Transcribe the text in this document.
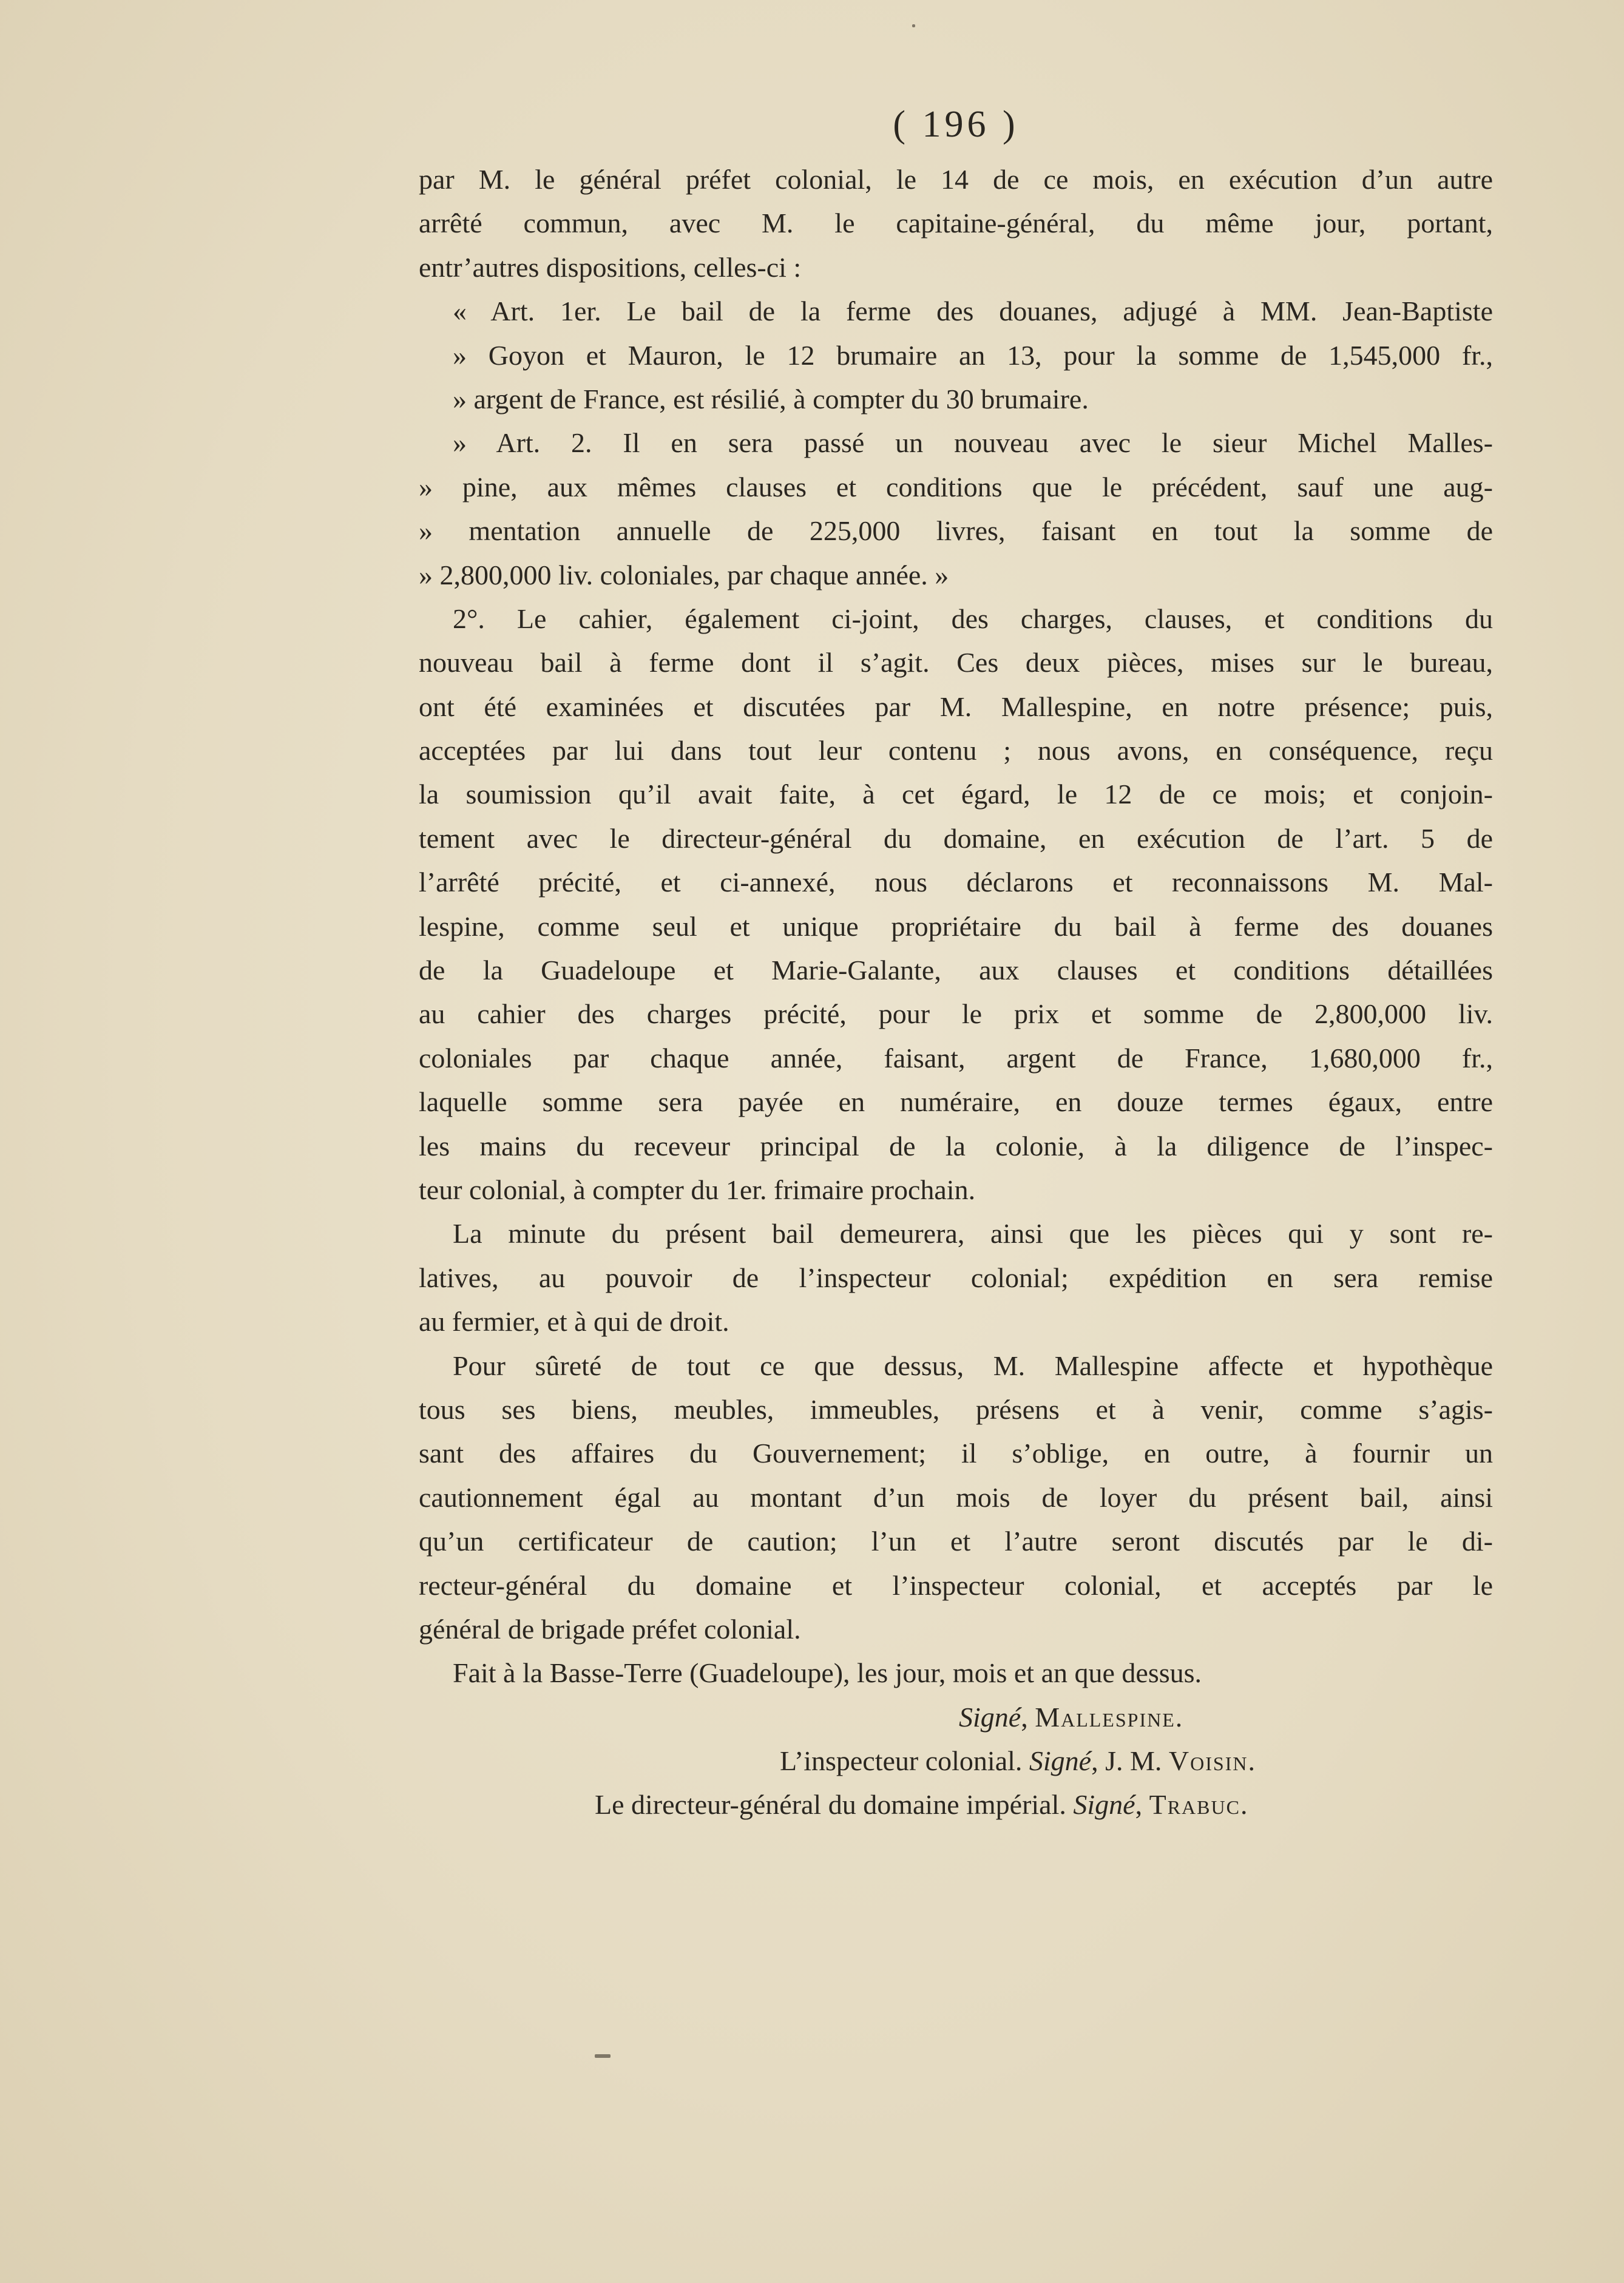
( 196 )
par M. le général préfet colonial, le 14 de ce mois, en exécution d’un autre
arrêté commun, avec M. le capitaine-général, du même jour, portant,
entr’autres dispositions, celles-ci :
« Art. 1er. Le bail de la ferme des douanes, adjugé à MM. Jean-Baptiste
» Goyon et Mauron, le 12 brumaire an 13, pour la somme de 1,545,000 fr.,
» argent de France, est résilié, à compter du 30 brumaire.
» Art. 2. Il en sera passé un nouveau avec le sieur Michel Malles-
» pine, aux mêmes clauses et conditions que le précédent, sauf une aug-
» mentation annuelle de 225,000 livres, faisant en tout la somme de
» 2,800,000 liv. coloniales, par chaque année. »
2°. Le cahier, également ci-joint, des charges, clauses, et conditions du
nouveau bail à ferme dont il s’agit. Ces deux pièces, mises sur le bureau,
ont été examinées et discutées par M. Mallespine, en notre présence; puis,
acceptées par lui dans tout leur contenu ; nous avons, en conséquence, reçu
la soumission qu’il avait faite, à cet égard, le 12 de ce mois; et conjoin-
tement avec le directeur-général du domaine, en exécution de l’art. 5 de
l’arrêté précité, et ci-annexé, nous déclarons et reconnaissons M. Mal-
lespine, comme seul et unique propriétaire du bail à ferme des douanes
de la Guadeloupe et Marie-Galante, aux clauses et conditions détaillées
au cahier des charges précité, pour le prix et somme de 2,800,000 liv.
coloniales par chaque année, faisant, argent de France, 1,680,000 fr.,
laquelle somme sera payée en numéraire, en douze termes égaux, entre
les mains du receveur principal de la colonie, à la diligence de l’inspec-
teur colonial, à compter du 1er. frimaire prochain.
La minute du présent bail demeurera, ainsi que les pièces qui y sont re-
latives, au pouvoir de l’inspecteur colonial; expédition en sera remise
au fermier, et à qui de droit.
Pour sûreté de tout ce que dessus, M. Mallespine affecte et hypothèque
tous ses biens, meubles, immeubles, présens et à venir, comme s’agis-
sant des affaires du Gouvernement; il s’oblige, en outre, à fournir un
cautionnement égal au montant d’un mois de loyer du présent bail, ainsi
qu’un certificateur de caution; l’un et l’autre seront discutés par le di-
recteur-général du domaine et l’inspecteur colonial, et acceptés par le
général de brigade préfet colonial.
Fait à la Basse-Terre (Guadeloupe), les jour, mois et an que dessus.
Signé, Mallespine.
L’inspecteur colonial. Signé, J. M. Voisin.
Le directeur-général du domaine impérial. Signé, Trabuc.
